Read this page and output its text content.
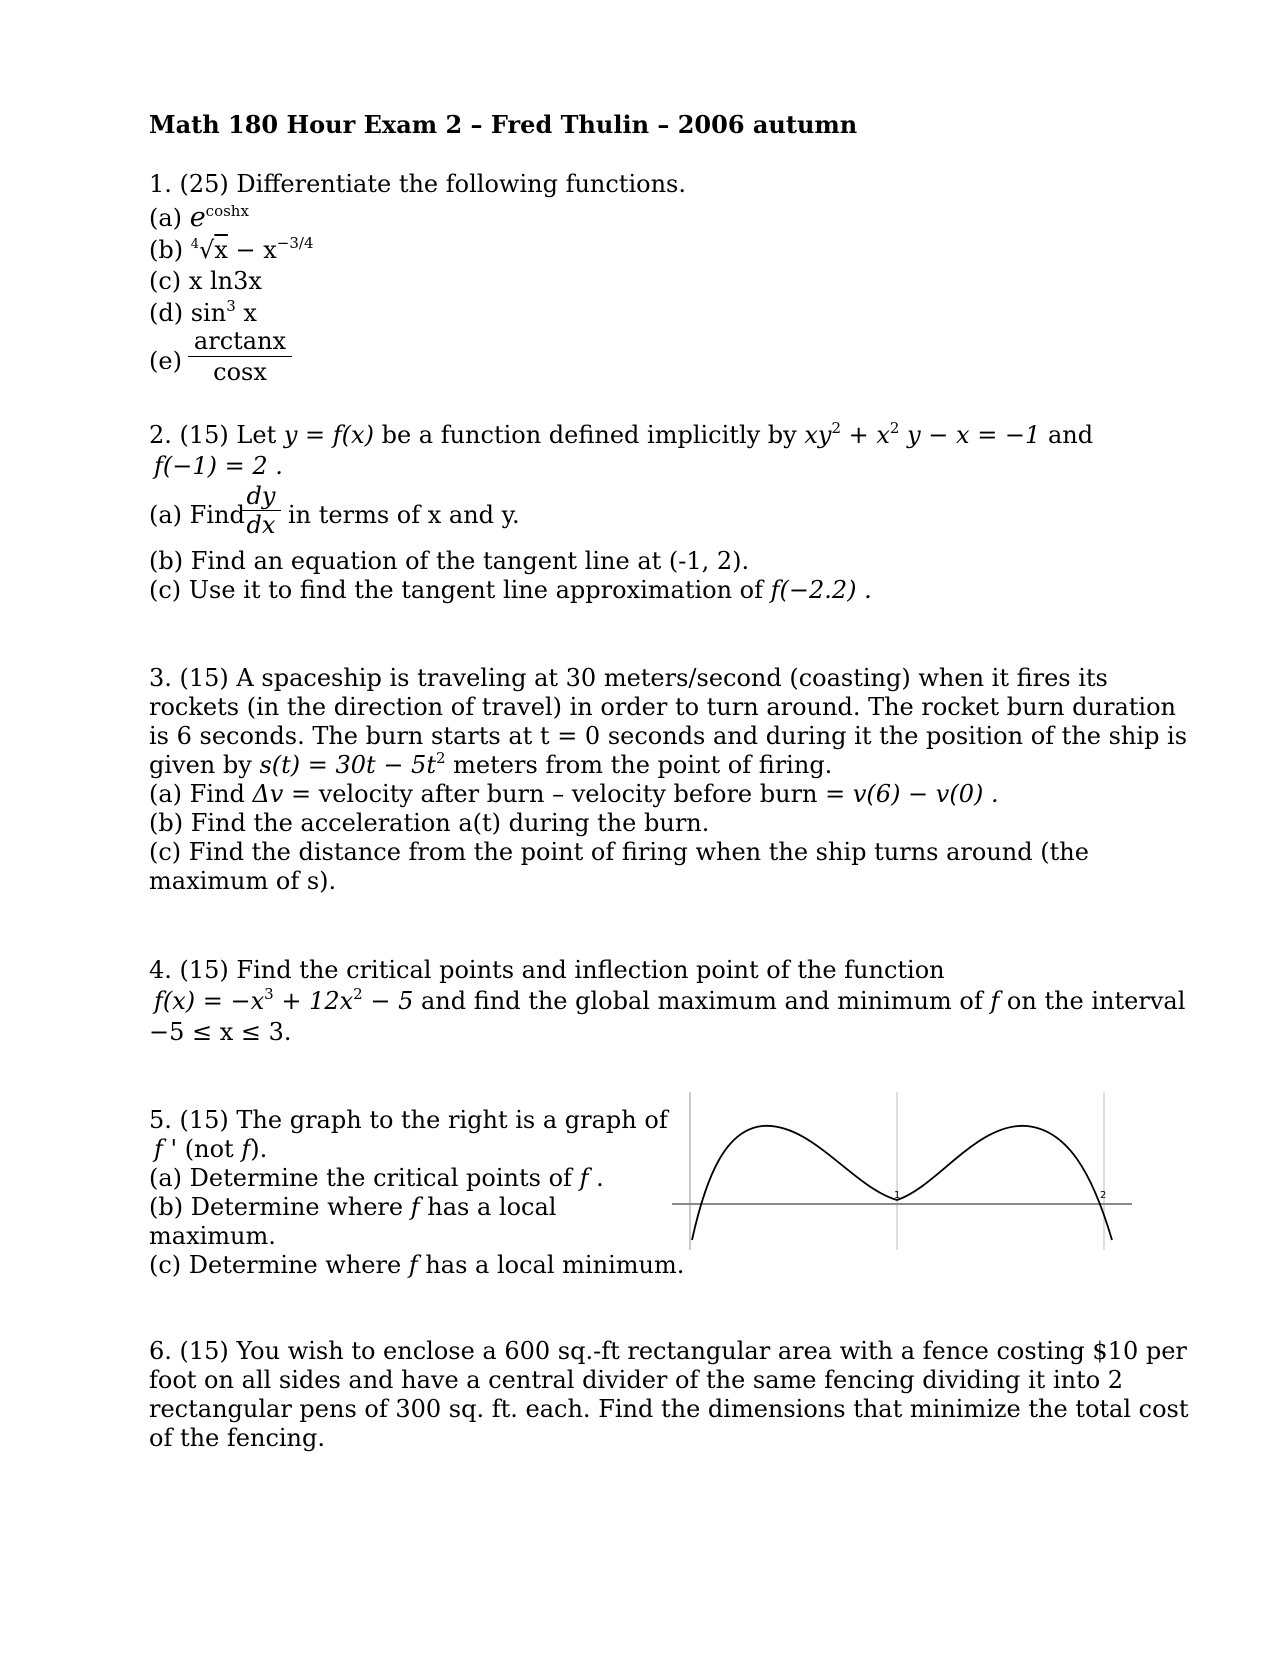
Math 180 Hour Exam 2 – Fred Thulin – 2006 autumn
1. (25) Differentiate the following functions.
(a) $e^{coshx}$
(b) $^4√x - x^{-3/4}$
(c) x ln3x
(d) $\sin^3 x$
(e)
arctanx
cosx
2. (15) Let y = f(x) be a function defined implicitly by $xy^2 + x^2$ y − x = −1 and
f(−1) = 2 .
(a) Find
dy
dx in terms of x and y.
(b) Find an equation of the tangent line at (-1, 2).
(c) Use it to find the tangent line approximation of f(−2.2) .
3. (15) A spaceship is traveling at 30 meters/second (coasting) when it fires its
rockets (in the direction of travel) in order to turn around. The rocket burn duration
is 6 seconds. The burn starts at t = 0 seconds and during it the position of the ship is
given by $s(t) = 30t - 5t^2$ meters from the point of firing.
(a) Find Δv = velocity after burn – velocity before burn = v(6) − v(0) .
(b) Find the acceleration a(t) during the burn.
(c) Find the distance from the point of firing when the ship turns around (the
maximum of s).
4. (15) Find the critical points and inflection point of the function
$f(x) = -x^3 + 12x^2 - 5$ and find the global maximum and minimum of f on the interval
−5 ≤ x ≤ 3.
5. (15) The graph to the right is a graph of
f ' (not f).
(a) Determine the critical points of f .
(b) Determine where f has a local
maximum.
(c) Determine where f has a local minimum.
1	2
6. (15) You wish to enclose a 600 sq.-ft rectangular area with a fence costing $10 per
foot on all sides and have a central divider of the same fencing dividing it into 2
rectangular pens of 300 sq. ft. each. Find the dimensions that minimize the total cost
of the fencing.
